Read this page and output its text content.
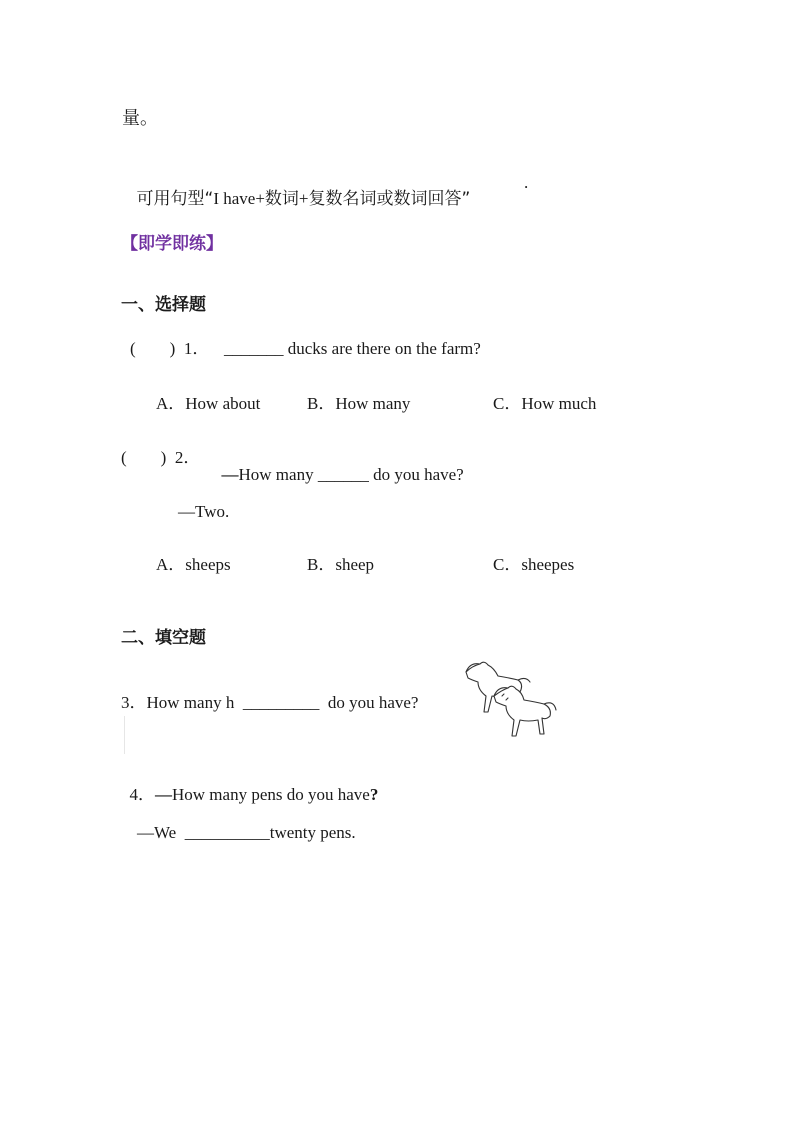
量。

可用句型“I have+数词+复数名词或数词回答”

.
【即学即练】
一、选择题
(        )  1． _______ ducks are there on the farm?
A．How about	B．How many	C．How much
(        )  2．

—How many ______ do you have?

—Two.
A．sheeps	B．sheep	C．sheepes
二、填空题
3．How many h  _________  do you have?

4．—How many pens do you have?

—We  __________twenty pens.
